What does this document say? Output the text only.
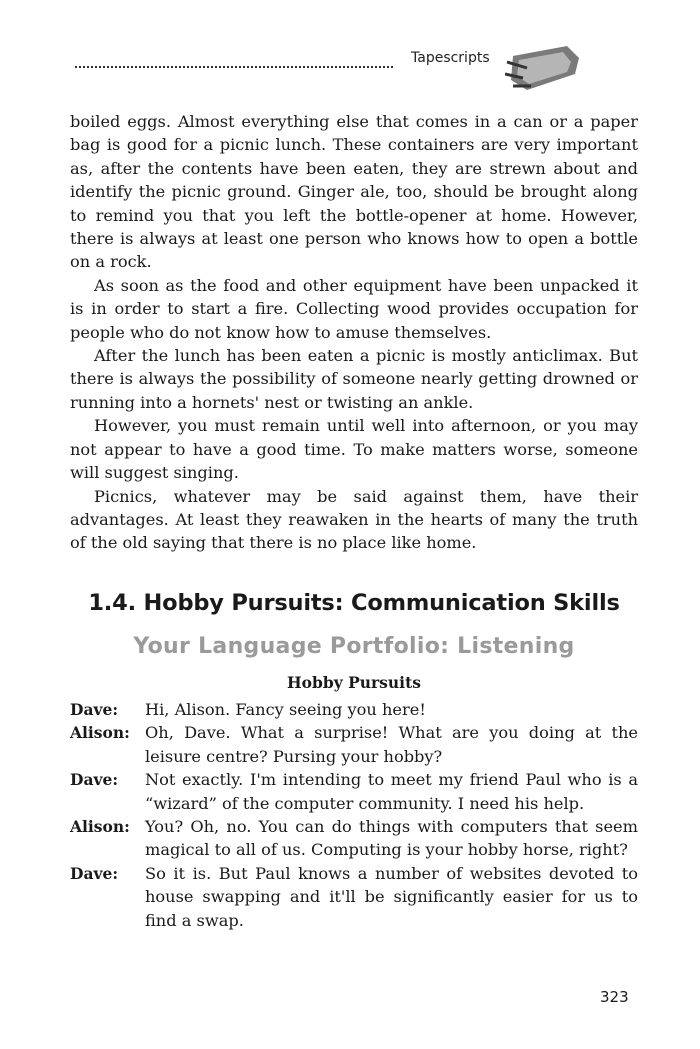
Tapescripts

boiled eggs. Almost everything else that comes in a can or a paper bag is good for a picnic lunch. These containers are very important as, after the contents have been eaten, they are strewn about and identify the picnic ground. Ginger ale, too, should be brought along to remind you that you left the bottle-opener at home. However, there is always at least one person who knows how to open a bottle on a rock.

As soon as the food and other equipment have been unpacked it is in order to start a fire. Collecting wood provides occupation for people who do not know how to amuse themselves.

After the lunch has been eaten a picnic is mostly anticlimax. But there is always the possibility of someone nearly getting drowned or running into a hornets' nest or twisting an ankle.

However, you must remain until well into afternoon, or you may not appear to have a good time. To make matters worse, someone will suggest singing.

Picnics, whatever may be said against them, have their advantages. At least they reawaken in the hearts of many the truth of the old saying that there is no place like home.

1.4. Hobby Pursuits: Communication Skills
Your Language Portfolio: Listening
Hobby Pursuits
Dave:	Hi, Alison. Fancy seeing you here!
Alison: Oh, Dave. What a surprise! What are you doing at the leisure centre? Pursing your hobby?
Dave:	Not exactly. I'm intending to meet my friend Paul who is a “wizard” of the computer community. I need his help.
Alison: You? Oh, no. You can do things with computers that seem magical to all of us. Computing is your hobby horse, right?
Dave:	So it is. But Paul knows a number of websites devoted to house swapping and it'll be significantly easier for us to find a swap.
323
